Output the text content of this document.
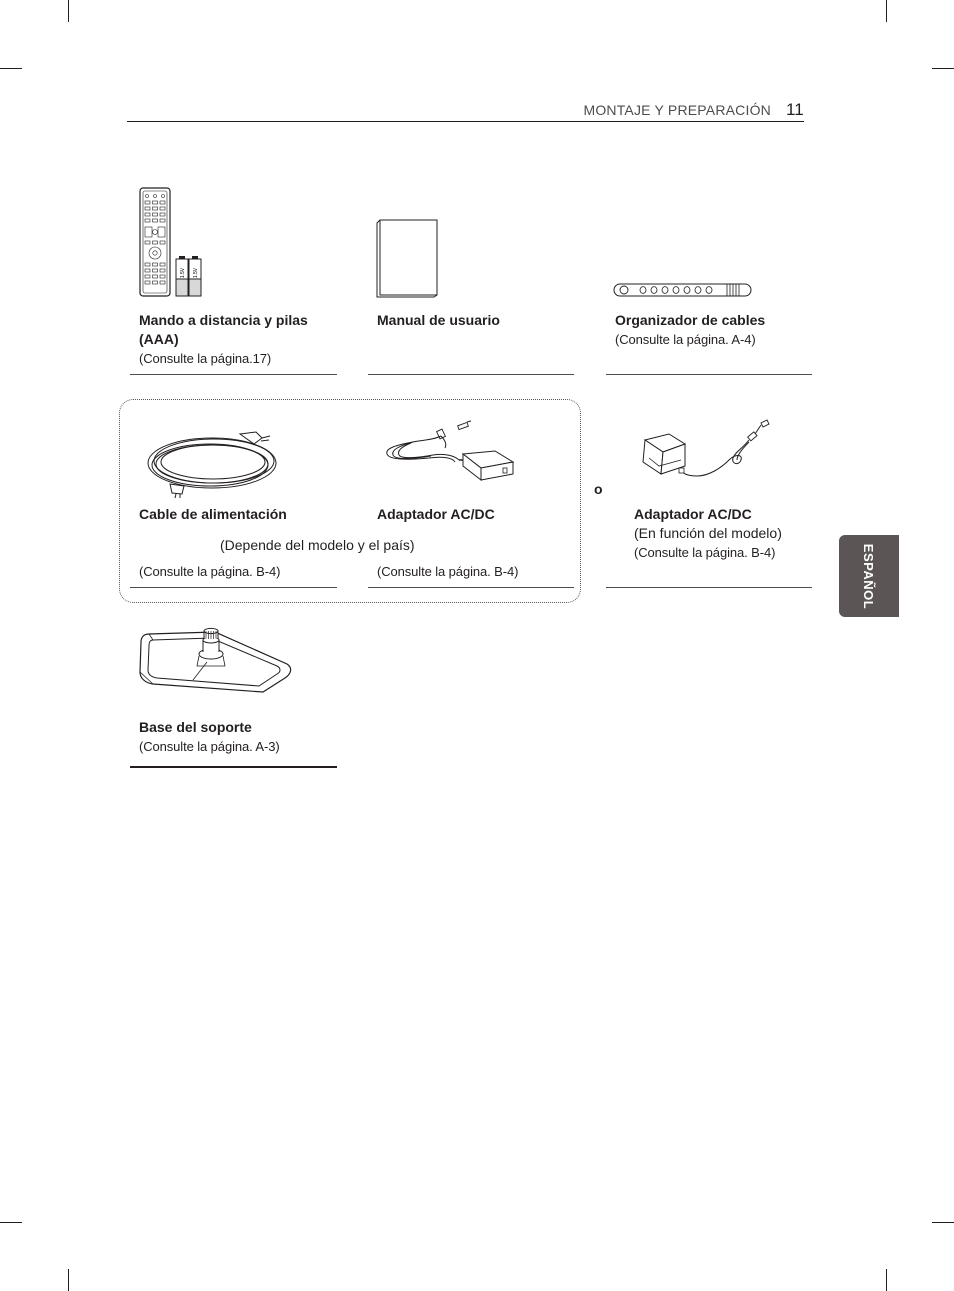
MONTAJE Y PREPARACIÓN 11
ESPAÑOL
1.5V 1.5V
Mando a distancia y pilas
(AAA)
(Consulte la página.17)
Manual de usuario	Organizador de cables
(Consulte la página. A-4)
Cable de alimentación	Adaptador AC/DC
(Depende del modelo y el país)
(Consulte la página. B-4)	(Consulte la página. B-4)
o
Adaptador AC/DC
(En función del modelo)
(Consulte la página. B-4)
Base del soporte
(Consulte la página. A-3)
